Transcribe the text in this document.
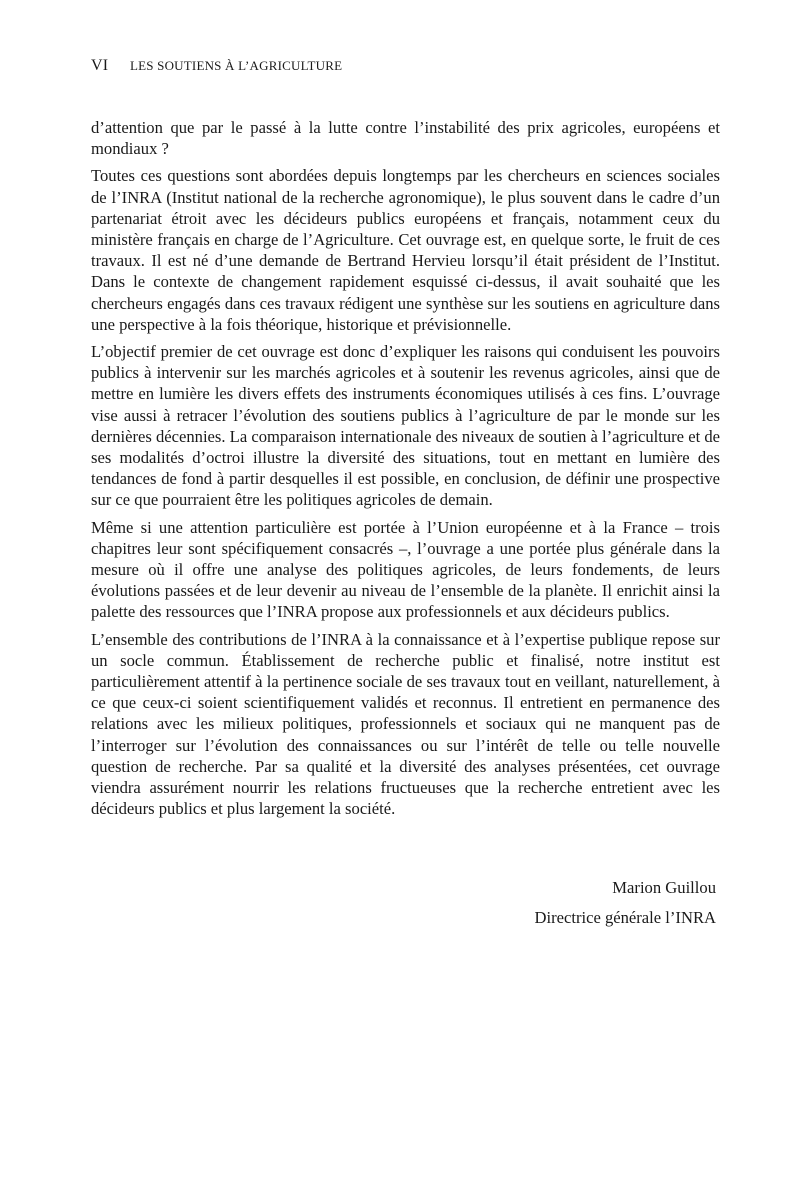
VI LES SOUTIENS À L’AGRICULTURE

d’attention que par le passé à la lutte contre l’instabilité des prix agricoles, européens et mondiaux ?

Toutes ces questions sont abordées depuis longtemps par les chercheurs en sciences sociales de l’INRA (Institut national de la recherche agronomique), le plus souvent dans le cadre d’un partenariat étroit avec les décideurs publics européens et français, notamment ceux du ministère français en charge de l’Agriculture. Cet ouvrage est, en quelque sorte, le fruit de ces travaux. Il est né d’une demande de Bertrand Hervieu lorsqu’il était président de l’Institut. Dans le contexte de changement rapidement esquissé ci-dessus, il avait souhaité que les chercheurs engagés dans ces travaux rédigent une synthèse sur les soutiens en agriculture dans une perspective à la fois théorique, historique et prévisionnelle.

L’objectif premier de cet ouvrage est donc d’expliquer les raisons qui conduisent les pouvoirs publics à intervenir sur les marchés agricoles et à soutenir les revenus agricoles, ainsi que de mettre en lumière les divers effets des instruments économiques utilisés à ces fins. L’ouvrage vise aussi à retracer l’évolution des soutiens publics à l’agriculture de par le monde sur les dernières décennies. La comparaison internationale des niveaux de soutien à l’agriculture et de ses modalités d’octroi illustre la diversité des situations, tout en mettant en lumière des tendances de fond à partir desquelles il est possible, en conclusion, de définir une prospective sur ce que pourraient être les politiques agricoles de demain.

Même si une attention particulière est portée à l’Union européenne et à la France – trois chapitres leur sont spécifiquement consacrés –, l’ouvrage a une portée plus générale dans la mesure où il offre une analyse des politiques agricoles, de leurs fondements, de leurs évolutions passées et de leur devenir au niveau de l’ensemble de la planète. Il enrichit ainsi la palette des ressources que l’INRA propose aux professionnels et aux décideurs publics.

L’ensemble des contributions de l’INRA à la connaissance et à l’expertise publique repose sur un socle commun. Établissement de recherche public et finalisé, notre institut est particulièrement attentif à la pertinence sociale de ses travaux tout en veillant, naturellement, à ce que ceux-ci soient scientifiquement validés et reconnus. Il entretient en permanence des relations avec les milieux politiques, professionnels et sociaux qui ne manquent pas de l’interroger sur l’évolution des connaissances ou sur l’intérêt de telle ou telle nouvelle question de recherche. Par sa qualité et la diversité des analyses présentées, cet ouvrage viendra assurément nourrir les relations fructueuses que la recherche entretient avec les décideurs publics et plus largement la société.

Marion Guillou
Directrice générale l’INRA
